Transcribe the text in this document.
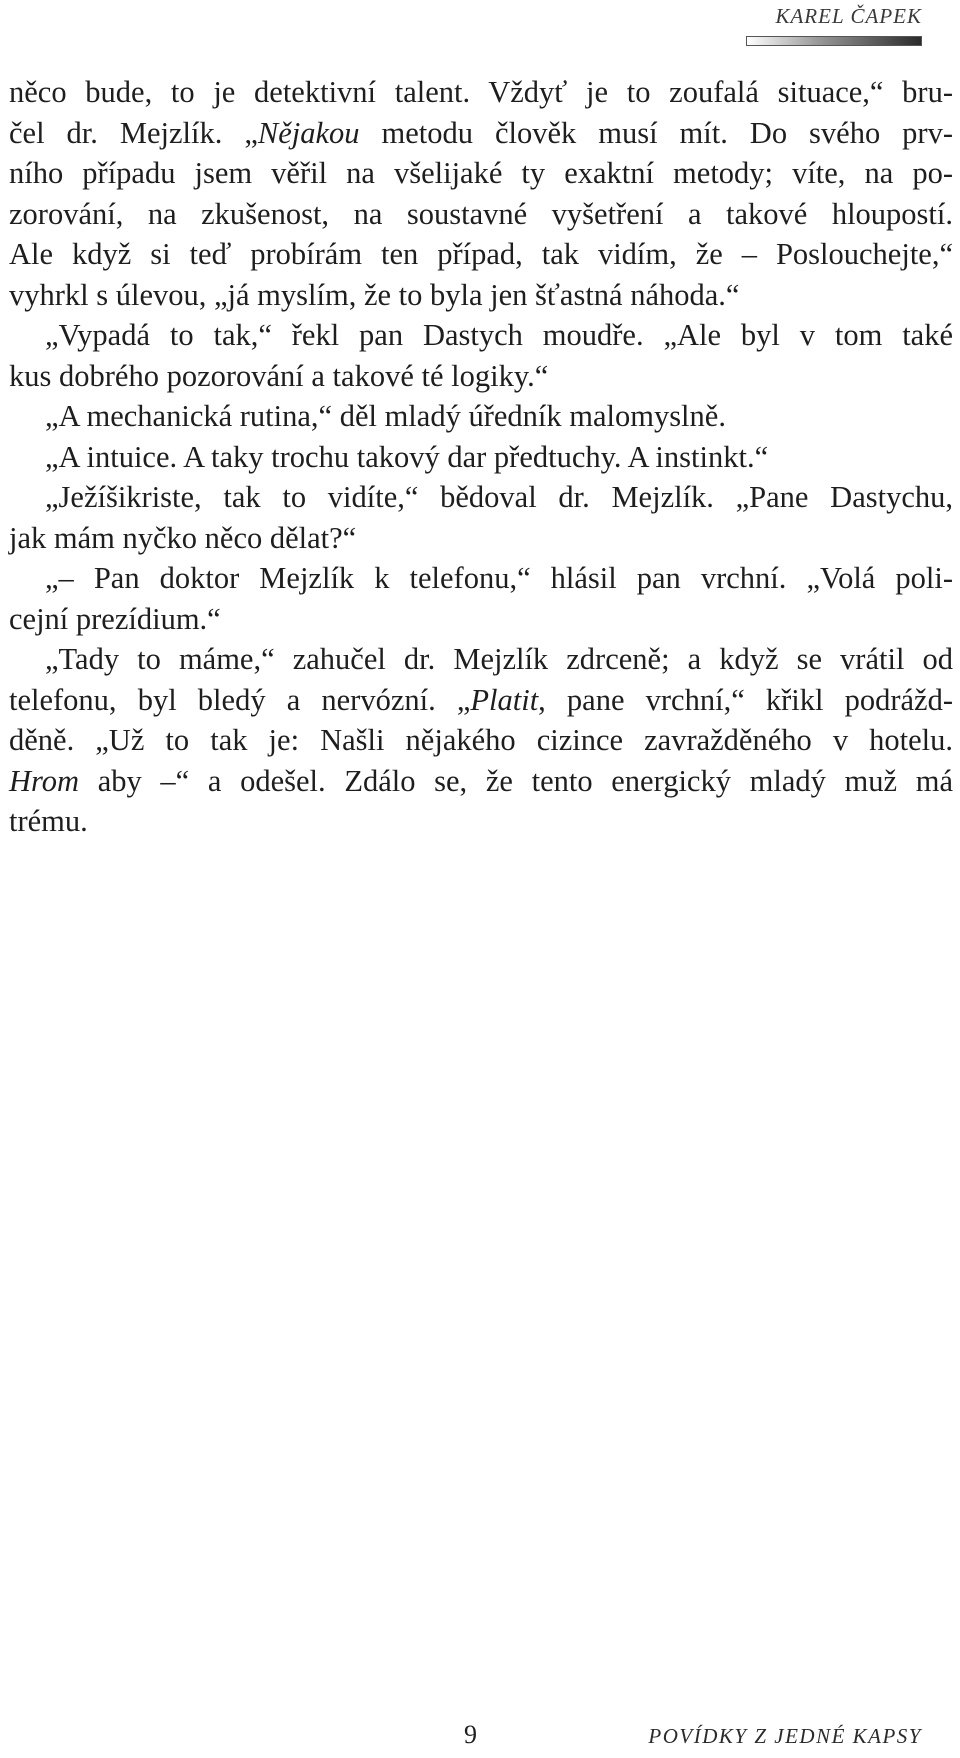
KAREL ČAPEK
něco bude, to je detektivní talent. Vždyť je to zoufalá situace,“ bru-
čel dr. Mejzlík. „Nějakou metodu člověk musí mít. Do svého prv-
ního případu jsem věřil na všelijaké ty exaktní metody; víte, na po-
zorování, na zkušenost, na soustavné vyšetření a takové hloupostí.
Ale když si teď probírám ten případ, tak vidím, že – Poslouchejte,“
vyhrkl s úlevou, „já myslím, že to byla jen šťastná náhoda.“
„Vypadá to tak,“ řekl pan Dastych moudře. „Ale byl v tom také
kus dobrého pozorování a takové té logiky.“
„A mechanická rutina,“ děl mladý úředník malomyslně.
„A intuice. A taky trochu takový dar předtuchy. A instinkt.“
„Ježíšikriste, tak to vidíte,“ bědoval dr. Mejzlík. „Pane Dastychu,
jak mám nyčko něco dělat?“
„– Pan doktor Mejzlík k telefonu,“ hlásil pan vrchní. „Volá poli-
cejní prezídium.“
„Tady to máme,“ zahučel dr. Mejzlík zdrceně; a když se vrátil od
telefonu, byl bledý a nervózní. „Platit, pane vrchní,“ křikl podrážd-
děně. „Už to tak je: Našli nějakého cizince zavražděného v hotelu.
Hrom aby –“ a odešel. Zdálo se, že tento energický mladý muž má
trému.
9	POVÍDKY Z JEDNÉ KAPSY
